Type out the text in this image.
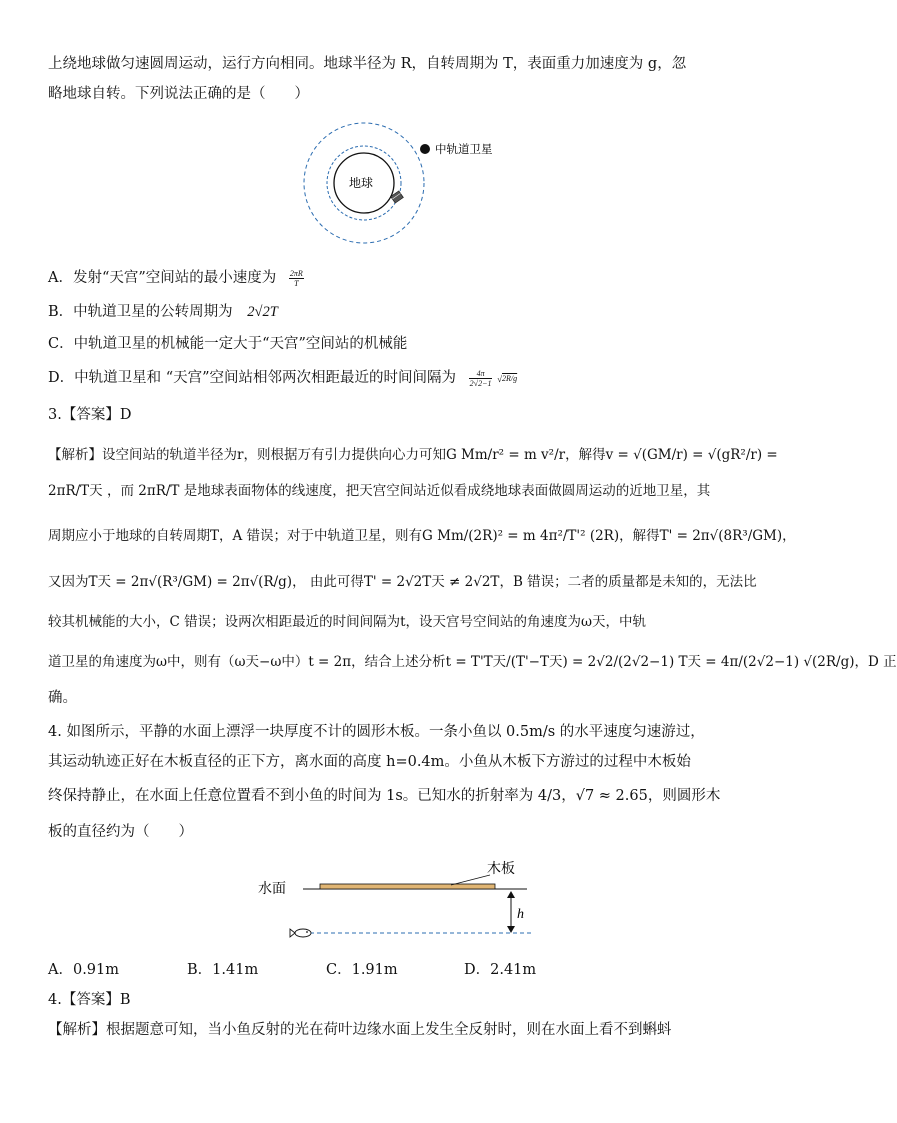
上绕地球做匀速圆周运动，运行方向相同。地球半径为 R，自转周期为 T，表面重力加速度为 g，忽
略地球自转。下列说法正确的是（　　）
地球
中轨道卫星
A．发射“天宫”空间站的最小速度为 $\frac{2\pi R}{T}$
B．中轨道卫星的公转周期为 2√2T
C．中轨道卫星的机械能一定大于“天宫”空间站的机械能
D．中轨道卫星和 “天宫”空间站相邻两次相距最近的时间间隔为 $\frac{4\pi}{2√2-1} √2R/g$
3.【答案】D
【解析】设空间站的轨道半径为r，则根据万有引力提供向心力可知G Mm/r² = m v²/r，解得v = √(GM/r) = √(gR²/r) =
2πR/T天 ，而 2πR/T 是地球表面物体的线速度，把天宫空间站近似看成绕地球表面做圆周运动的近地卫星，其
周期应小于地球的自转周期T，A 错误；对于中轨道卫星，则有G Mm/(2R)² = m 4π²/T'² (2R)，解得T' = 2π√(8R³/GM)，
又因为T天 = 2π√(R³/GM) = 2π√(R/g)， 由此可得T' = 2√2T天 ≠ 2√2T，B 错误；二者的质量都是未知的，无法比
较其机械能的大小，C 错误；设两次相距最近的时间间隔为t，设天宫号空间站的角速度为ω天，中轨
道卫星的角速度为ω中，则有（ω天−ω中）t = 2π，结合上述分析t = T'T天/(T'−T天) = 2√2/(2√2−1) T天 = 4π/(2√2−1) √(2R/g)，D 正
确。
4. 如图所示，平静的水面上漂浮一块厚度不计的圆形木板。一条小鱼以 0.5m/s 的水平速度匀速游过，
其运动轨迹正好在木板直径的正下方，离水面的高度 h=0.4m。小鱼从木板下方游过的过程中木板始
终保持静止，在水面上任意位置看不到小鱼的时间为 1s。已知水的折射率为 4/3，√7 ≈ 2.65，则圆形木
板的直径约为（　　）
水面
木板
h
A．0.91m	B．1.41m	C．1.91m	D．2.41m
4.【答案】B
【解析】根据题意可知，当小鱼反射的光在荷叶边缘水面上发生全反射时，则在水面上看不到蝌蚪
